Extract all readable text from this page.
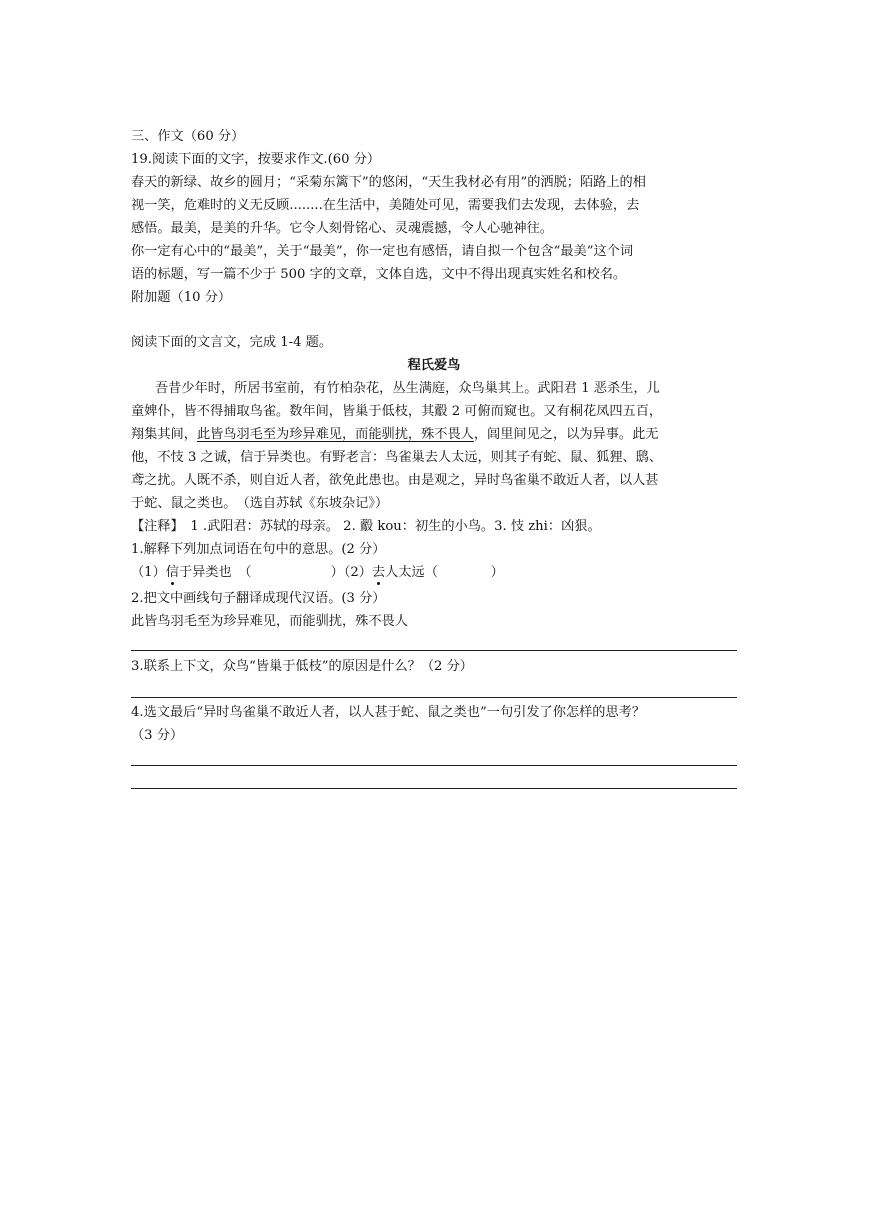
三、作文（60 分）
19.阅读下面的文字，按要求作文.(60 分）
春天的新绿、故乡的圆月；“采菊东篱下”的悠闲，“天生我材必有用”的洒脱；陌路上的相
视一笑，危难时的义无反顾........在生活中，美随处可见，需要我们去发现，去体验，去
感悟。最美，是美的升华。它令人刻骨铭心、灵魂震撼，令人心驰神往。
你一定有心中的“最美”，关于“最美”，你一定也有感悟，请自拟一个包含“最美”这个词
语的标题，写一篇不少于 500 字的文章，文体自选，文中不得出现真实姓名和校名。
附加题（10 分）
阅读下面的文言文，完成 1-4 题。
程氏爱鸟
吾昔少年时，所居书室前，有竹柏杂花，丛生满庭，众鸟巢其上。武阳君 1 恶杀生，儿
童婢仆，皆不得捕取鸟雀。数年间，皆巢于低枝，其鷇 2 可俯而窥也。又有桐花凤四五百，
翔集其间，此皆鸟羽毛至为珍异难见，而能驯扰，殊不畏人，闾里间见之，以为异事。此无
他，不忮 3 之诚，信于异类也。有野老言：鸟雀巢去人太远，则其子有蛇、鼠、狐狸、鸱、
鸢之扰。人既不杀，则自近人者，欲免此患也。由是观之，异时鸟雀巢不敢近人者，以人甚
于蛇、鼠之类也。　（选自苏轼《东坡杂记》）
【注释】　1 .武阳君：苏轼的母亲。 2. 鷇 kou：初生的小鸟。3. 忮 zhi：凶狠。
1.解释下列加点词语在句中的意思。(2 分）
（1）信于异类也　（　　　　　　）（2）去人太远（　　　　）
2.把文中画线句子翻译成现代汉语。(3 分）
此皆鸟羽毛至为珍异难见，而能驯扰，殊不畏人
3.联系上下文，众鸟“皆巢于低枝”的原因是什么？（2 分）
4.选文最后“异时鸟雀巢不敢近人者，以人甚于蛇、鼠之类也”一句引发了你怎样的思考？
（3 分）
